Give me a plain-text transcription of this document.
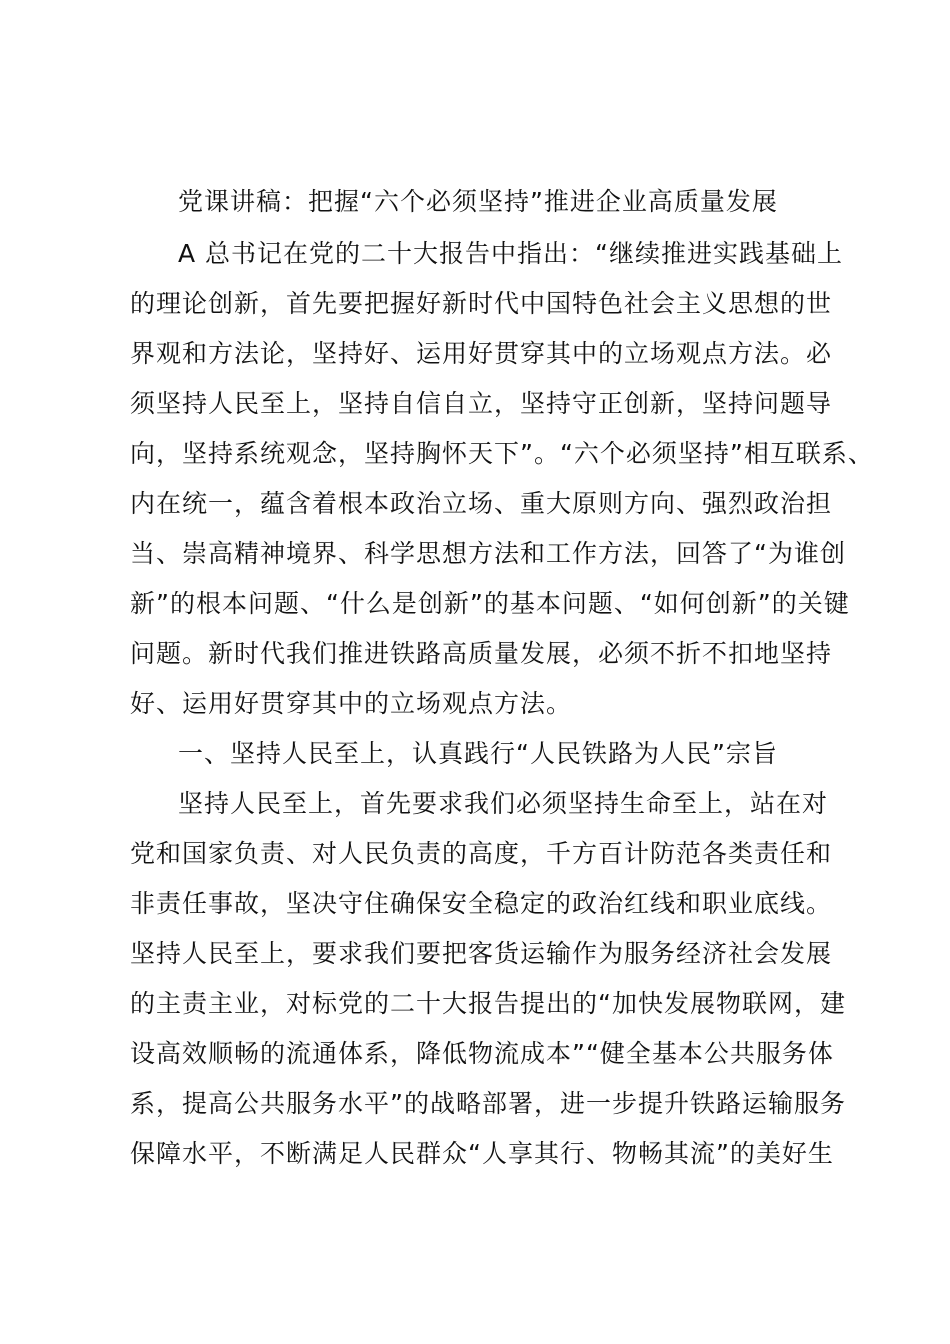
党课讲稿：把握“六个必须坚持”推进企业高质量发展
A 总书记在党的二十大报告中指出：“继续推进实践基础上
的理论创新，首先要把握好新时代中国特色社会主义思想的世
界观和方法论，坚持好、运用好贯穿其中的立场观点方法。必
须坚持人民至上，坚持自信自立，坚持守正创新，坚持问题导
向，坚持系统观念，坚持胸怀天下”。“六个必须坚持”相互联系、
内在统一，蕴含着根本政治立场、重大原则方向、强烈政治担
当、崇高精神境界、科学思想方法和工作方法，回答了“为谁创
新”的根本问题、“什么是创新”的基本问题、“如何创新”的关键
问题。新时代我们推进铁路高质量发展，必须不折不扣地坚持
好、运用好贯穿其中的立场观点方法。
一、坚持人民至上，认真践行“人民铁路为人民”宗旨
坚持人民至上，首先要求我们必须坚持生命至上，站在对
党和国家负责、对人民负责的高度，千方百计防范各类责任和
非责任事故，坚决守住确保安全稳定的政治红线和职业底线。
坚持人民至上，要求我们要把客货运输作为服务经济社会发展
的主责主业，对标党的二十大报告提出的“加快发展物联网，建
设高效顺畅的流通体系，降低物流成本”“健全基本公共服务体
系，提高公共服务水平”的战略部署，进一步提升铁路运输服务
保障水平，不断满足人民群众“人享其行、物畅其流”的美好生
